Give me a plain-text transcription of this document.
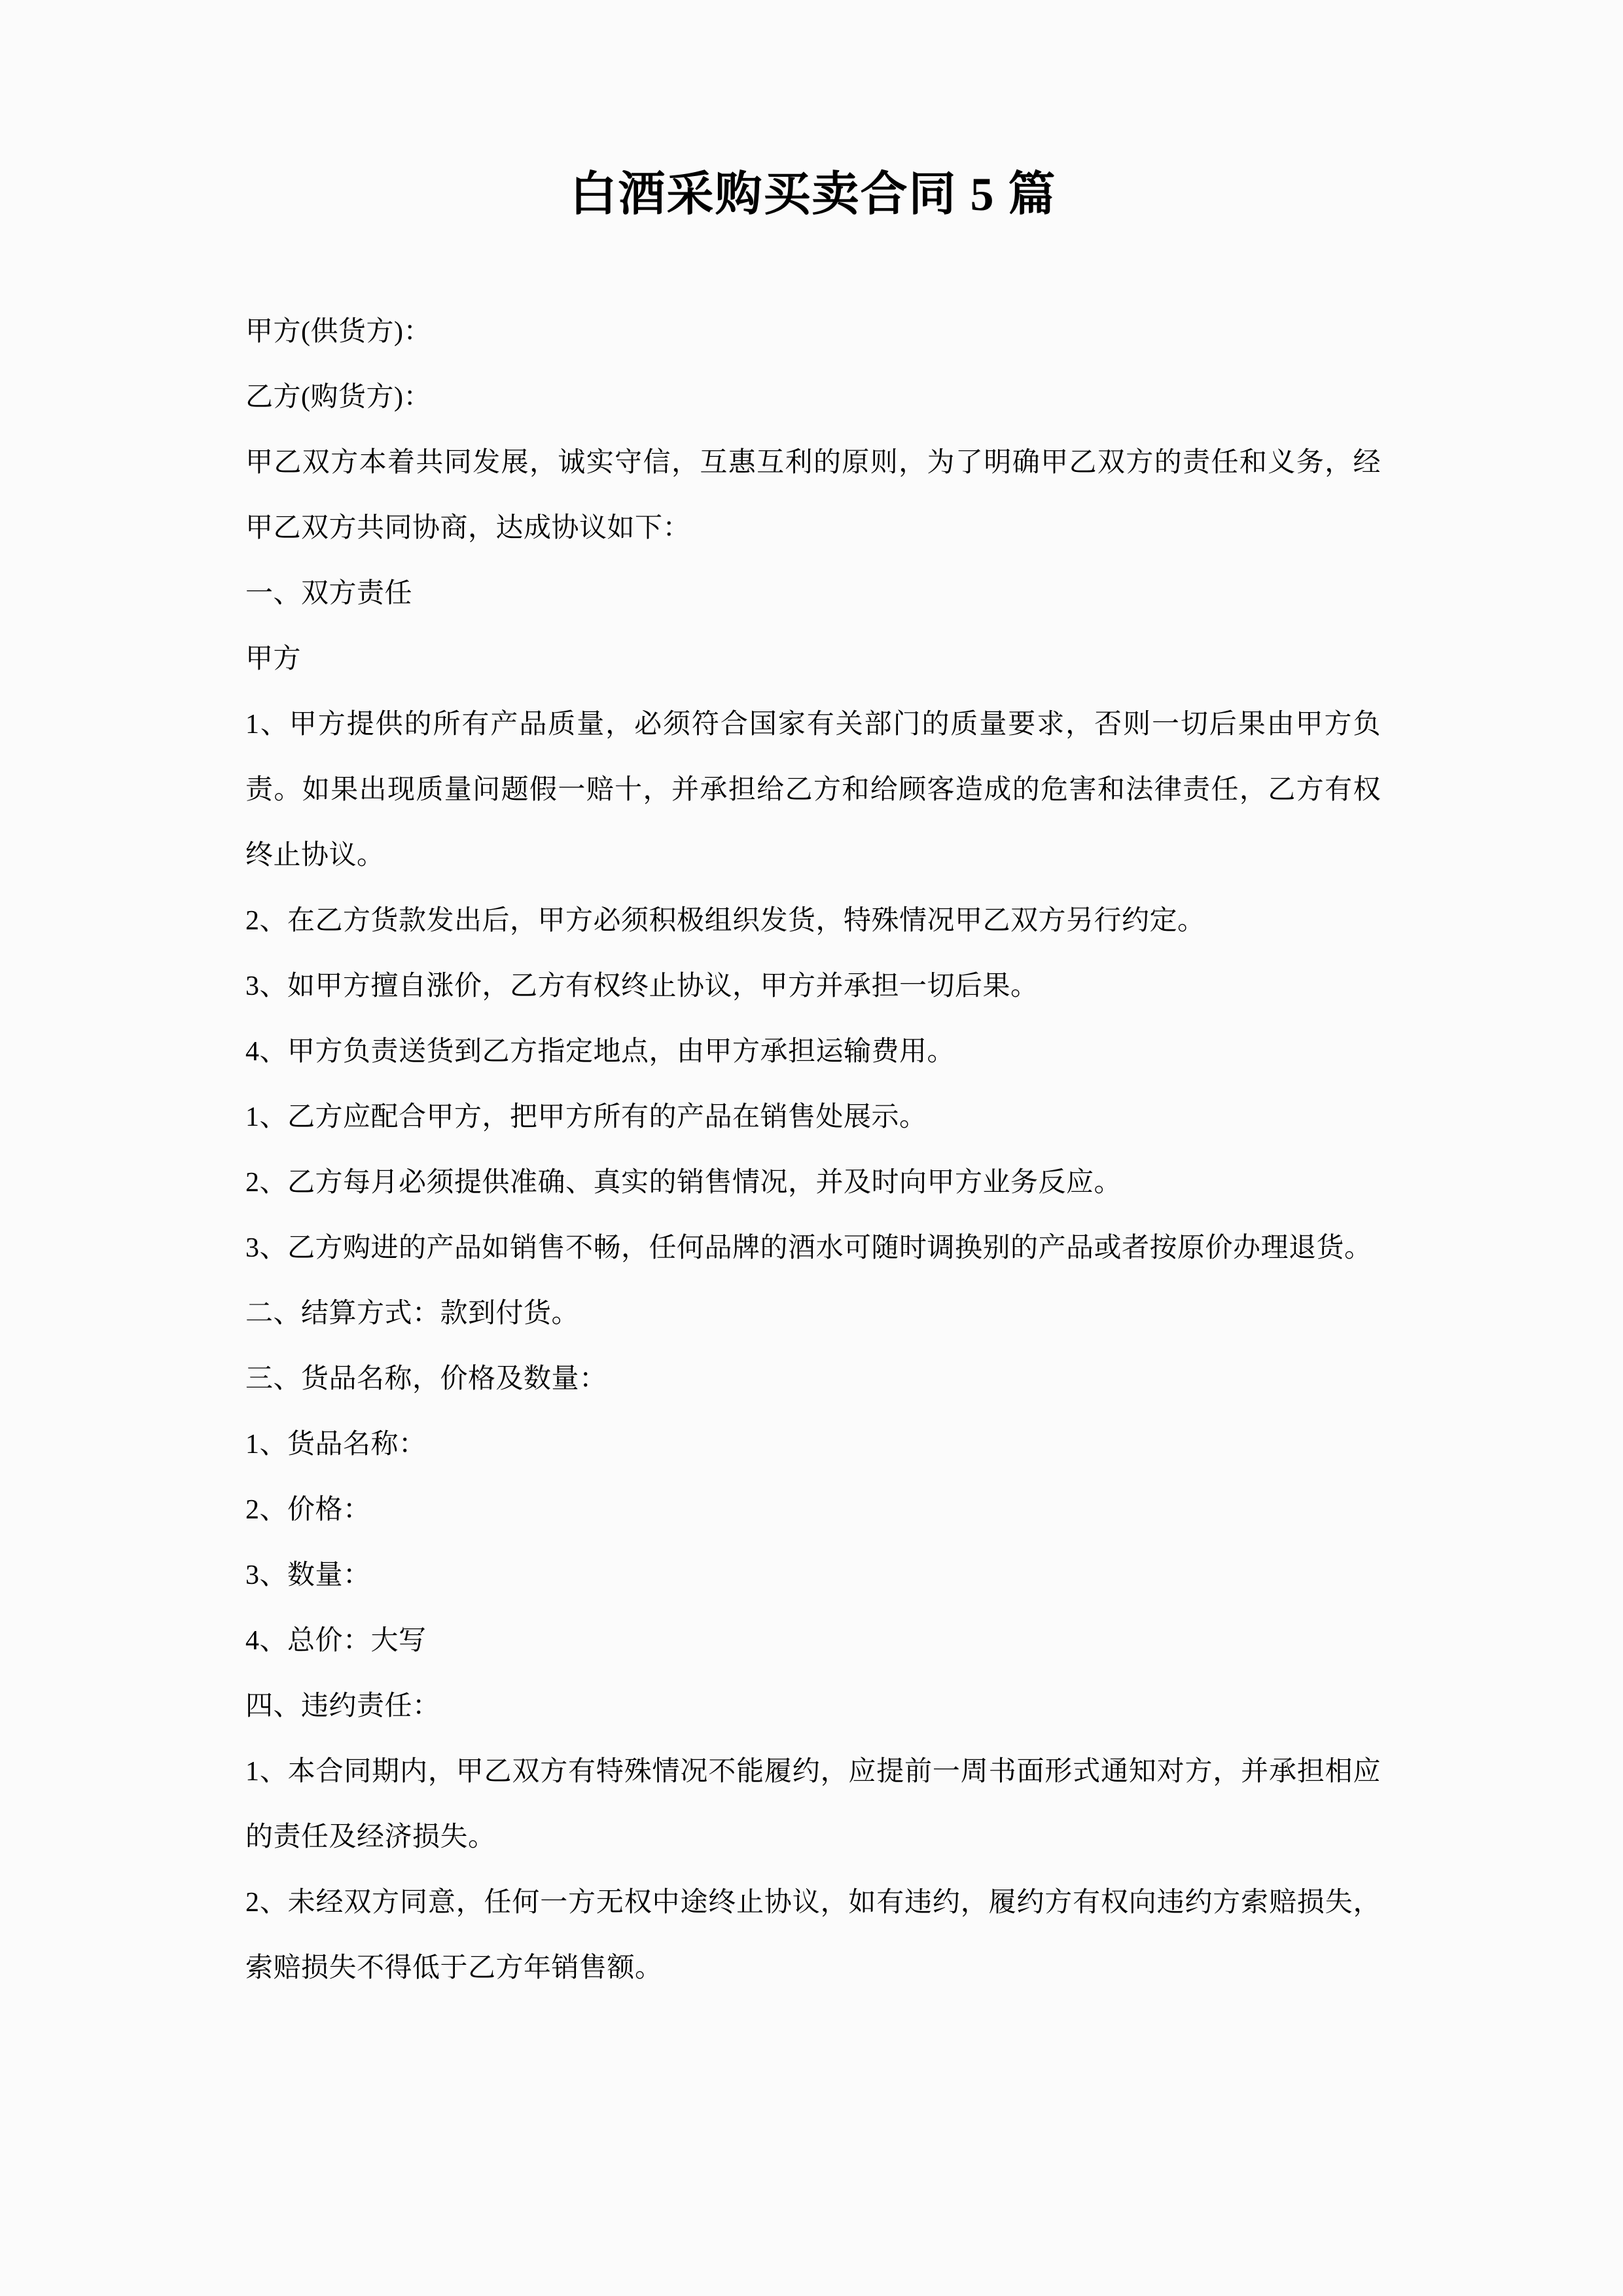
白酒采购买卖合同 5 篇

甲方(供货方)：

乙方(购货方)：

甲乙双方本着共同发展，诚实守信，互惠互利的原则，为了明确甲乙双方的责任和义务，经甲乙双方共同协商，达成协议如下：

一、双方责任

甲方

1、甲方提供的所有产品质量，必须符合国家有关部门的质量要求，否则一切后果由甲方负责。如果出现质量问题假一赔十，并承担给乙方和给顾客造成的危害和法律责任，乙方有权终止协议。

2、在乙方货款发出后，甲方必须积极组织发货，特殊情况甲乙双方另行约定。

3、如甲方擅自涨价，乙方有权终止协议，甲方并承担一切后果。

4、甲方负责送货到乙方指定地点，由甲方承担运输费用。

1、乙方应配合甲方，把甲方所有的产品在销售处展示。

2、乙方每月必须提供准确、真实的销售情况，并及时向甲方业务反应。

3、乙方购进的产品如销售不畅，任何品牌的酒水可随时调换别的产品或者按原价办理退货。

二、结算方式：款到付货。

三、货品名称，价格及数量：

1、货品名称：

2、价格：

3、数量：

4、总价：大写

四、违约责任：

1、本合同期内，甲乙双方有特殊情况不能履约，应提前一周书面形式通知对方，并承担相应的责任及经济损失。

2、未经双方同意，任何一方无权中途终止协议，如有违约，履约方有权向违约方索赔损失，索赔损失不得低于乙方年销售额。
